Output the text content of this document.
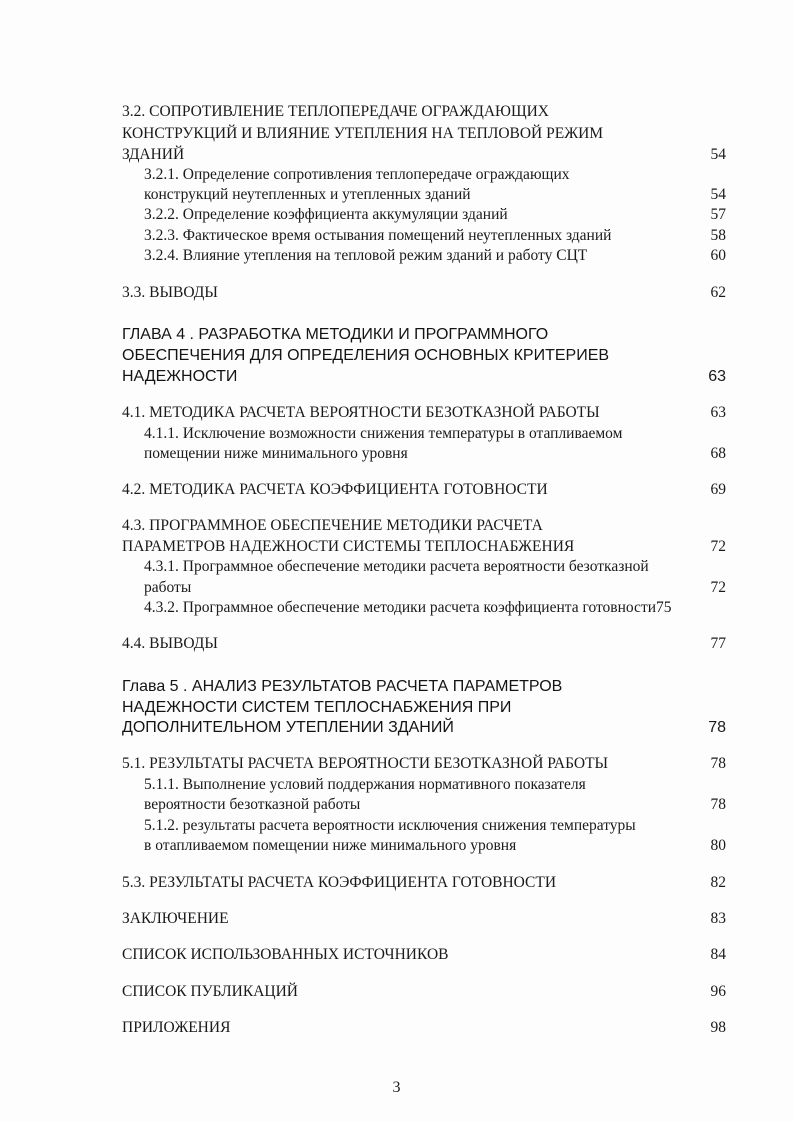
3.2. СОПРОТИВЛЕНИЕ ТЕПЛОПЕРЕДАЧЕ ОГРАЖДАЮЩИХ
КОНСТРУКЦИЙ И ВЛИЯНИЕ УТЕПЛЕНИЯ НА ТЕПЛОВОЙ РЕЖИМ
ЗДАНИЙ	54
3.2.1. Определение сопротивления теплопередаче ограждающих
конструкций неутепленных и утепленных зданий	54
3.2.2. Определение коэффициента аккумуляции зданий	57
3.2.3. Фактическое время остывания помещений неутепленных зданий	58
3.2.4. Влияние утепления на тепловой режим зданий и работу СЦТ	60
3.3. ВЫВОДЫ	62
ГЛАВА 4 . РАЗРАБОТКА МЕТОДИКИ И ПРОГРАММНОГО
ОБЕСПЕЧЕНИЯ ДЛЯ ОПРЕДЕЛЕНИЯ ОСНОВНЫХ КРИТЕРИЕВ
НАДЕЖНОСТИ	63
4.1. МЕТОДИКА РАСЧЕТА ВЕРОЯТНОСТИ БЕЗОТКАЗНОЙ РАБОТЫ	63
4.1.1. Исключение возможности снижения температуры в отапливаемом
помещении ниже минимального уровня	68
4.2. МЕТОДИКА РАСЧЕТА КОЭФФИЦИЕНТА ГОТОВНОСТИ	69
4.3. ПРОГРАММНОЕ ОБЕСПЕЧЕНИЕ МЕТОДИКИ РАСЧЕТА
ПАРАМЕТРОВ НАДЕЖНОСТИ СИСТЕМЫ ТЕПЛОСНАБЖЕНИЯ	72
4.3.1. Программное обеспечение методики расчета вероятности безотказной
работы	72
4.3.2. Программное обеспечение методики расчета коэффициента готовности75
4.4. ВЫВОДЫ	77
Глава 5 . АНАЛИЗ РЕЗУЛЬТАТОВ РАСЧЕТА ПАРАМЕТРОВ
НАДЕЖНОСТИ СИСТЕМ ТЕПЛОСНАБЖЕНИЯ ПРИ
ДОПОЛНИТЕЛЬНОМ УТЕПЛЕНИИ ЗДАНИЙ	78
5.1. РЕЗУЛЬТАТЫ РАСЧЕТА ВЕРОЯТНОСТИ БЕЗОТКАЗНОЙ РАБОТЫ	78
5.1.1. Выполнение условий поддержания нормативного показателя
вероятности безотказной работы	78
5.1.2. результаты расчета вероятности исключения снижения температуры
в отапливаемом помещении ниже минимального уровня	80
5.3. РЕЗУЛЬТАТЫ РАСЧЕТА КОЭФФИЦИЕНТА ГОТОВНОСТИ	82
ЗАКЛЮЧЕНИЕ	83
СПИСОК ИСПОЛЬЗОВАННЫХ ИСТОЧНИКОВ	84
СПИСОК ПУБЛИКАЦИЙ	96
ПРИЛОЖЕНИЯ	98
3
